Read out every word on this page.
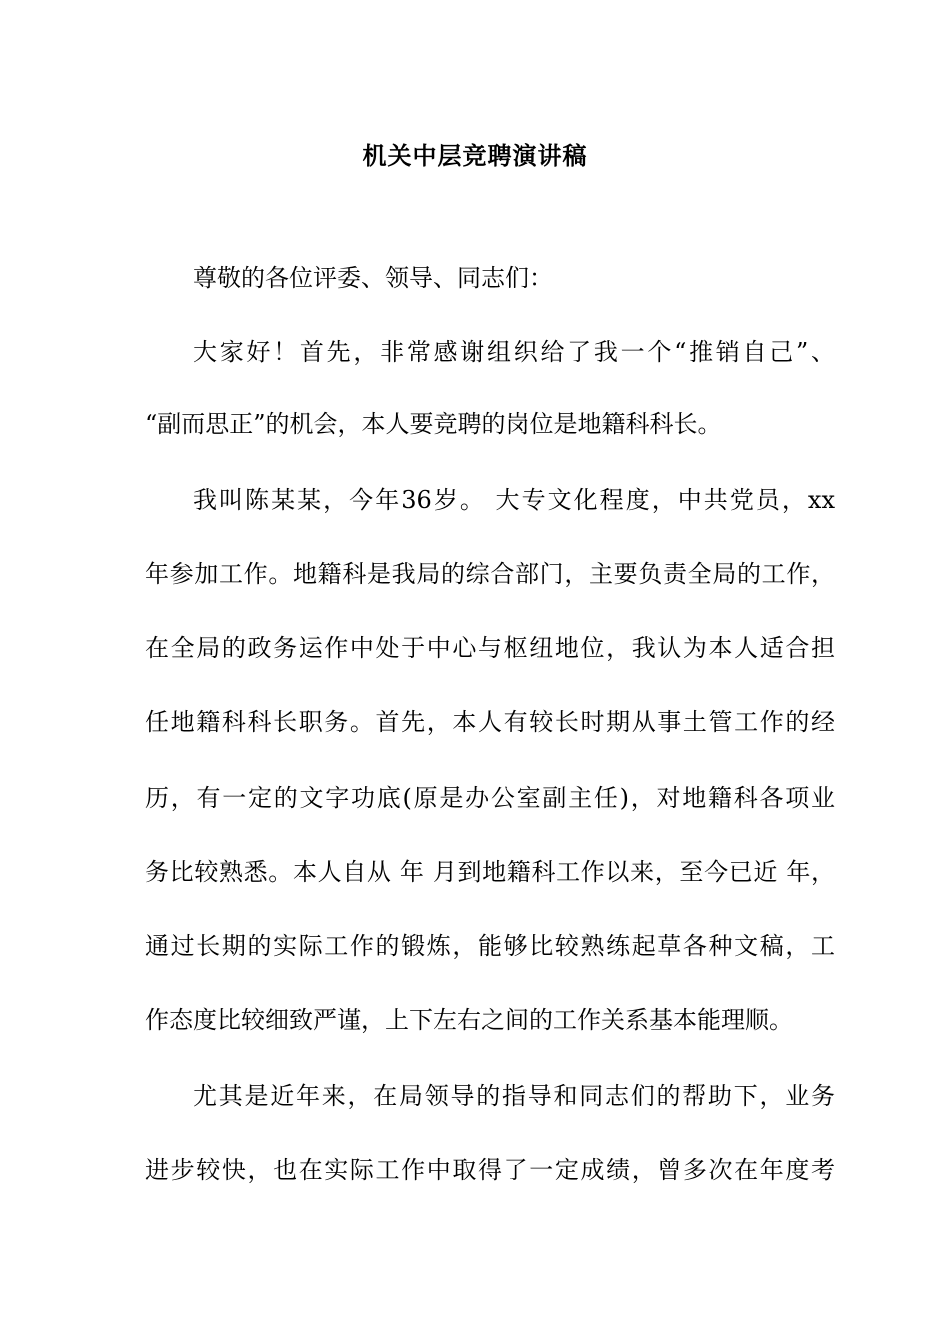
机关中层竞聘演讲稿
尊敬的各位评委、领导、同志们：
大家好！首先，非常感谢组织给了我一个“推销自己”、
“副而思正”的机会，本人要竞聘的岗位是地籍科科长。
我叫陈某某，今年36岁。 大专文化程度，中共党员，xx
年参加工作。地籍科是我局的综合部门，主要负责全局的工作，
在全局的政务运作中处于中心与枢纽地位，我认为本人适合担
任地籍科科长职务。首先，本人有较长时期从事土管工作的经
历，有一定的文字功底(原是办公室副主任)，对地籍科各项业
务比较熟悉。本人自从 年 月到地籍科工作以来，至今已近 年，
通过长期的实际工作的锻炼，能够比较熟练起草各种文稿，工
作态度比较细致严谨，上下左右之间的工作关系基本能理顺。
尤其是近年来，在局领导的指导和同志们的帮助下，业务
进步较快，也在实际工作中取得了一定成绩，曾多次在年度考
